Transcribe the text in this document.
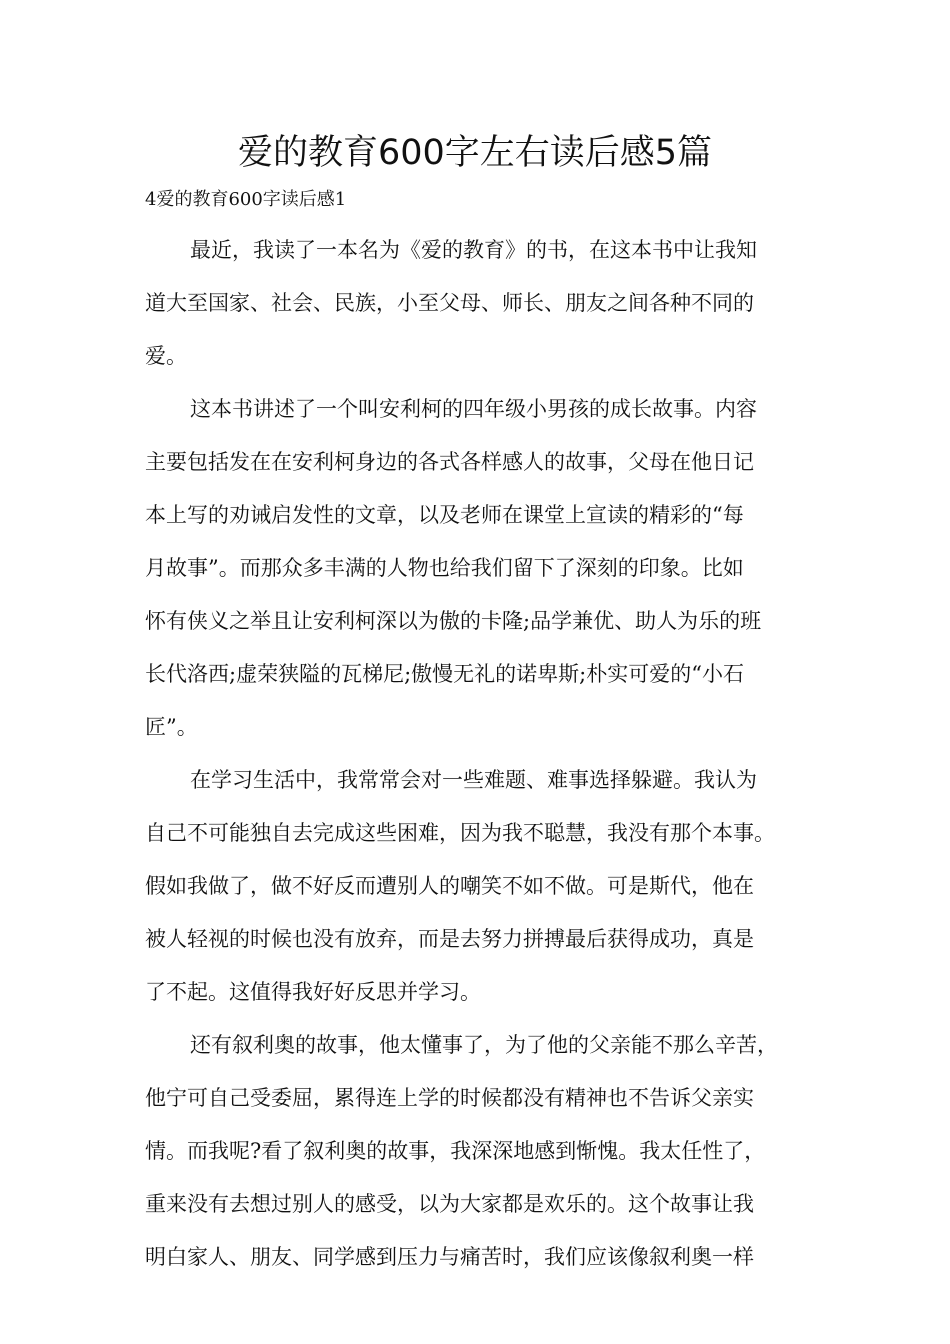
爱的教育600字左右读后感5篇

4爱的教育600字读后感1

最近，我读了一本名为《爱的教育》的书，在这本书中让我知
道大至国家、社会、民族，小至父母、师长、朋友之间各种不同的
爱。
这本书讲述了一个叫安利柯的四年级小男孩的成长故事。内容
主要包括发在在安利柯身边的各式各样感人的故事，父母在他日记
本上写的劝诫启发性的文章，以及老师在课堂上宣读的精彩的“每
月故事”。而那众多丰满的人物也给我们留下了深刻的印象。比如
怀有侠义之举且让安利柯深以为傲的卡隆;品学兼优、助人为乐的班
长代洛西;虚荣狭隘的瓦梯尼;傲慢无礼的诺卑斯;朴实可爱的“小石
匠”。
在学习生活中，我常常会对一些难题、难事选择躲避。我认为
自己不可能独自去完成这些困难，因为我不聪慧，我没有那个本事。
假如我做了，做不好反而遭别人的嘲笑不如不做。可是斯代，他在
被人轻视的时候也没有放弃，而是去努力拼搏最后获得成功，真是
了不起。这值得我好好反思并学习。
还有叙利奥的故事，他太懂事了，为了他的父亲能不那么辛苦，
他宁可自己受委屈，累得连上学的时候都没有精神也不告诉父亲实
情。而我呢?看了叙利奥的故事，我深深地感到惭愧。我太任性了，
重来没有去想过别人的感受，以为大家都是欢乐的。这个故事让我
明白家人、朋友、同学感到压力与痛苦时，我们应该像叙利奥一样
